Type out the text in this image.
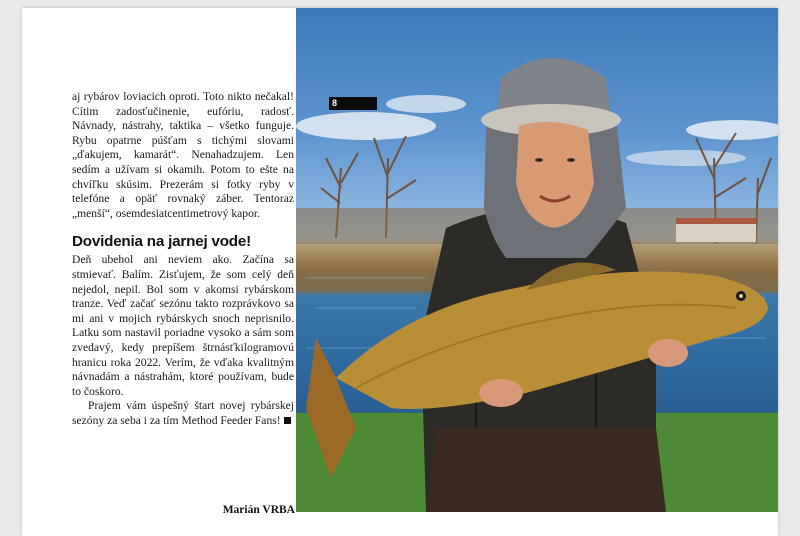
aj rybárov loviacich oproti. Toto nikto nečakal! Cítim zadosťučinenie, eufóriu, radosť. Návnady, nástrahy, taktika – všetko funguje. Rybu opatrne púšťam s tichými slovami „ďakujem, kamarát“. Nenahadzujem. Len sedím a užívam si okamih. Potom to ešte na chvíľku skúsim. Prezerám si fotky ryby v telefóne a opäť rovnaký záber. Tentoraz „menší“, osemdesiatcentimetrový kapor.

Dovidenia na jarnej vode!

Deň ubehol ani neviem ako. Začína sa stmievať. Balím. Zisťujem, že som celý deň nejedol, nepil. Bol som v akomsi rybárskom tranze. Veď začať sezónu takto rozprávkovo sa mi ani v mojich rybárskych snoch neprisnilo. Latku som nastavil poriadne vysoko a sám som zvedavý, kedy prepíšem štrnásťkilogramovú hranicu roka 2022. Verím, že vďaka kvalitným návnadám a nástrahám, ktoré používam, bude to čoskoro.

Prajem vám úspešný štart novej rybárskej sezóny za seba i za tím Method Feeder Fans!

Marián VRBA
8
